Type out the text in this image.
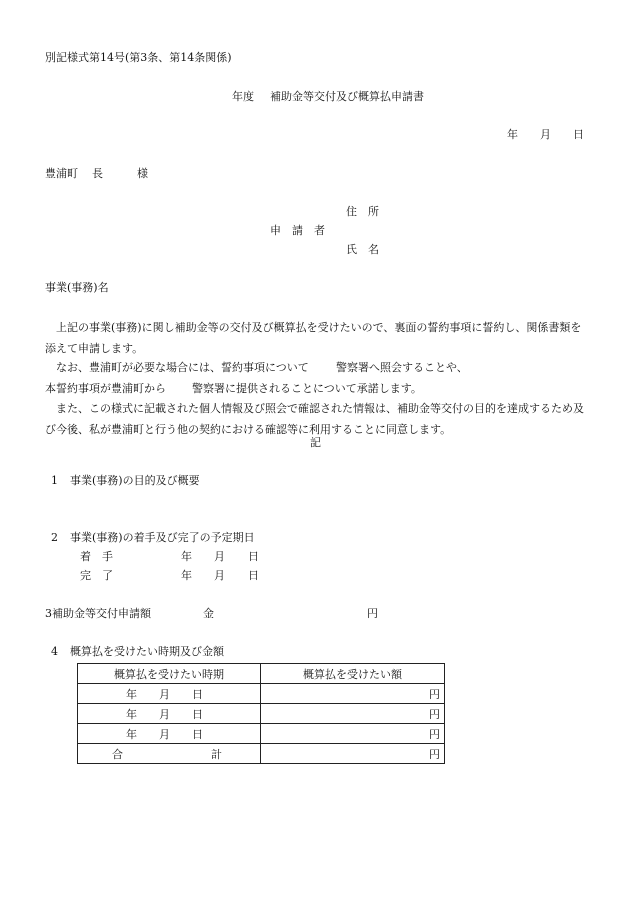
別記様式第14号(第3条、第14条関係)
年度 補助金等交付及び概算払申請書
年 月 日
豊浦町 長	様
住　所
申　請　者
氏　名
事業(事務)名

上記の事業(事務)に関し補助金等の交付及び概算払を受けたいので、裏面の誓約事項に誓約し、関係書類を添えて申請します。

なお、豊浦町が必要な場合には、誓約事項について 警察署へ照会することや、
本誓約事項が豊浦町から 警察署に提供されることについて承諾します。

また、この様式に記載された個人情報及び照会で確認された情報は、補助金等交付の目的を達成するため及び今後、私が豊浦町と行う他の契約における確認等に利用することに同意します。

記
1 事業(事務)の目的及び概要
2 事業(事務)の着手及び完了の予定期日
着　手	年 月 日
完　了	年 月 日
3補助金等交付申請額	金	円
4 概算払を受けたい時期及び金額
概算払を受けたい時期	概算払を受けたい額
年 月 日	円
年 月 日	円
年 月 日	円
合 計	円
